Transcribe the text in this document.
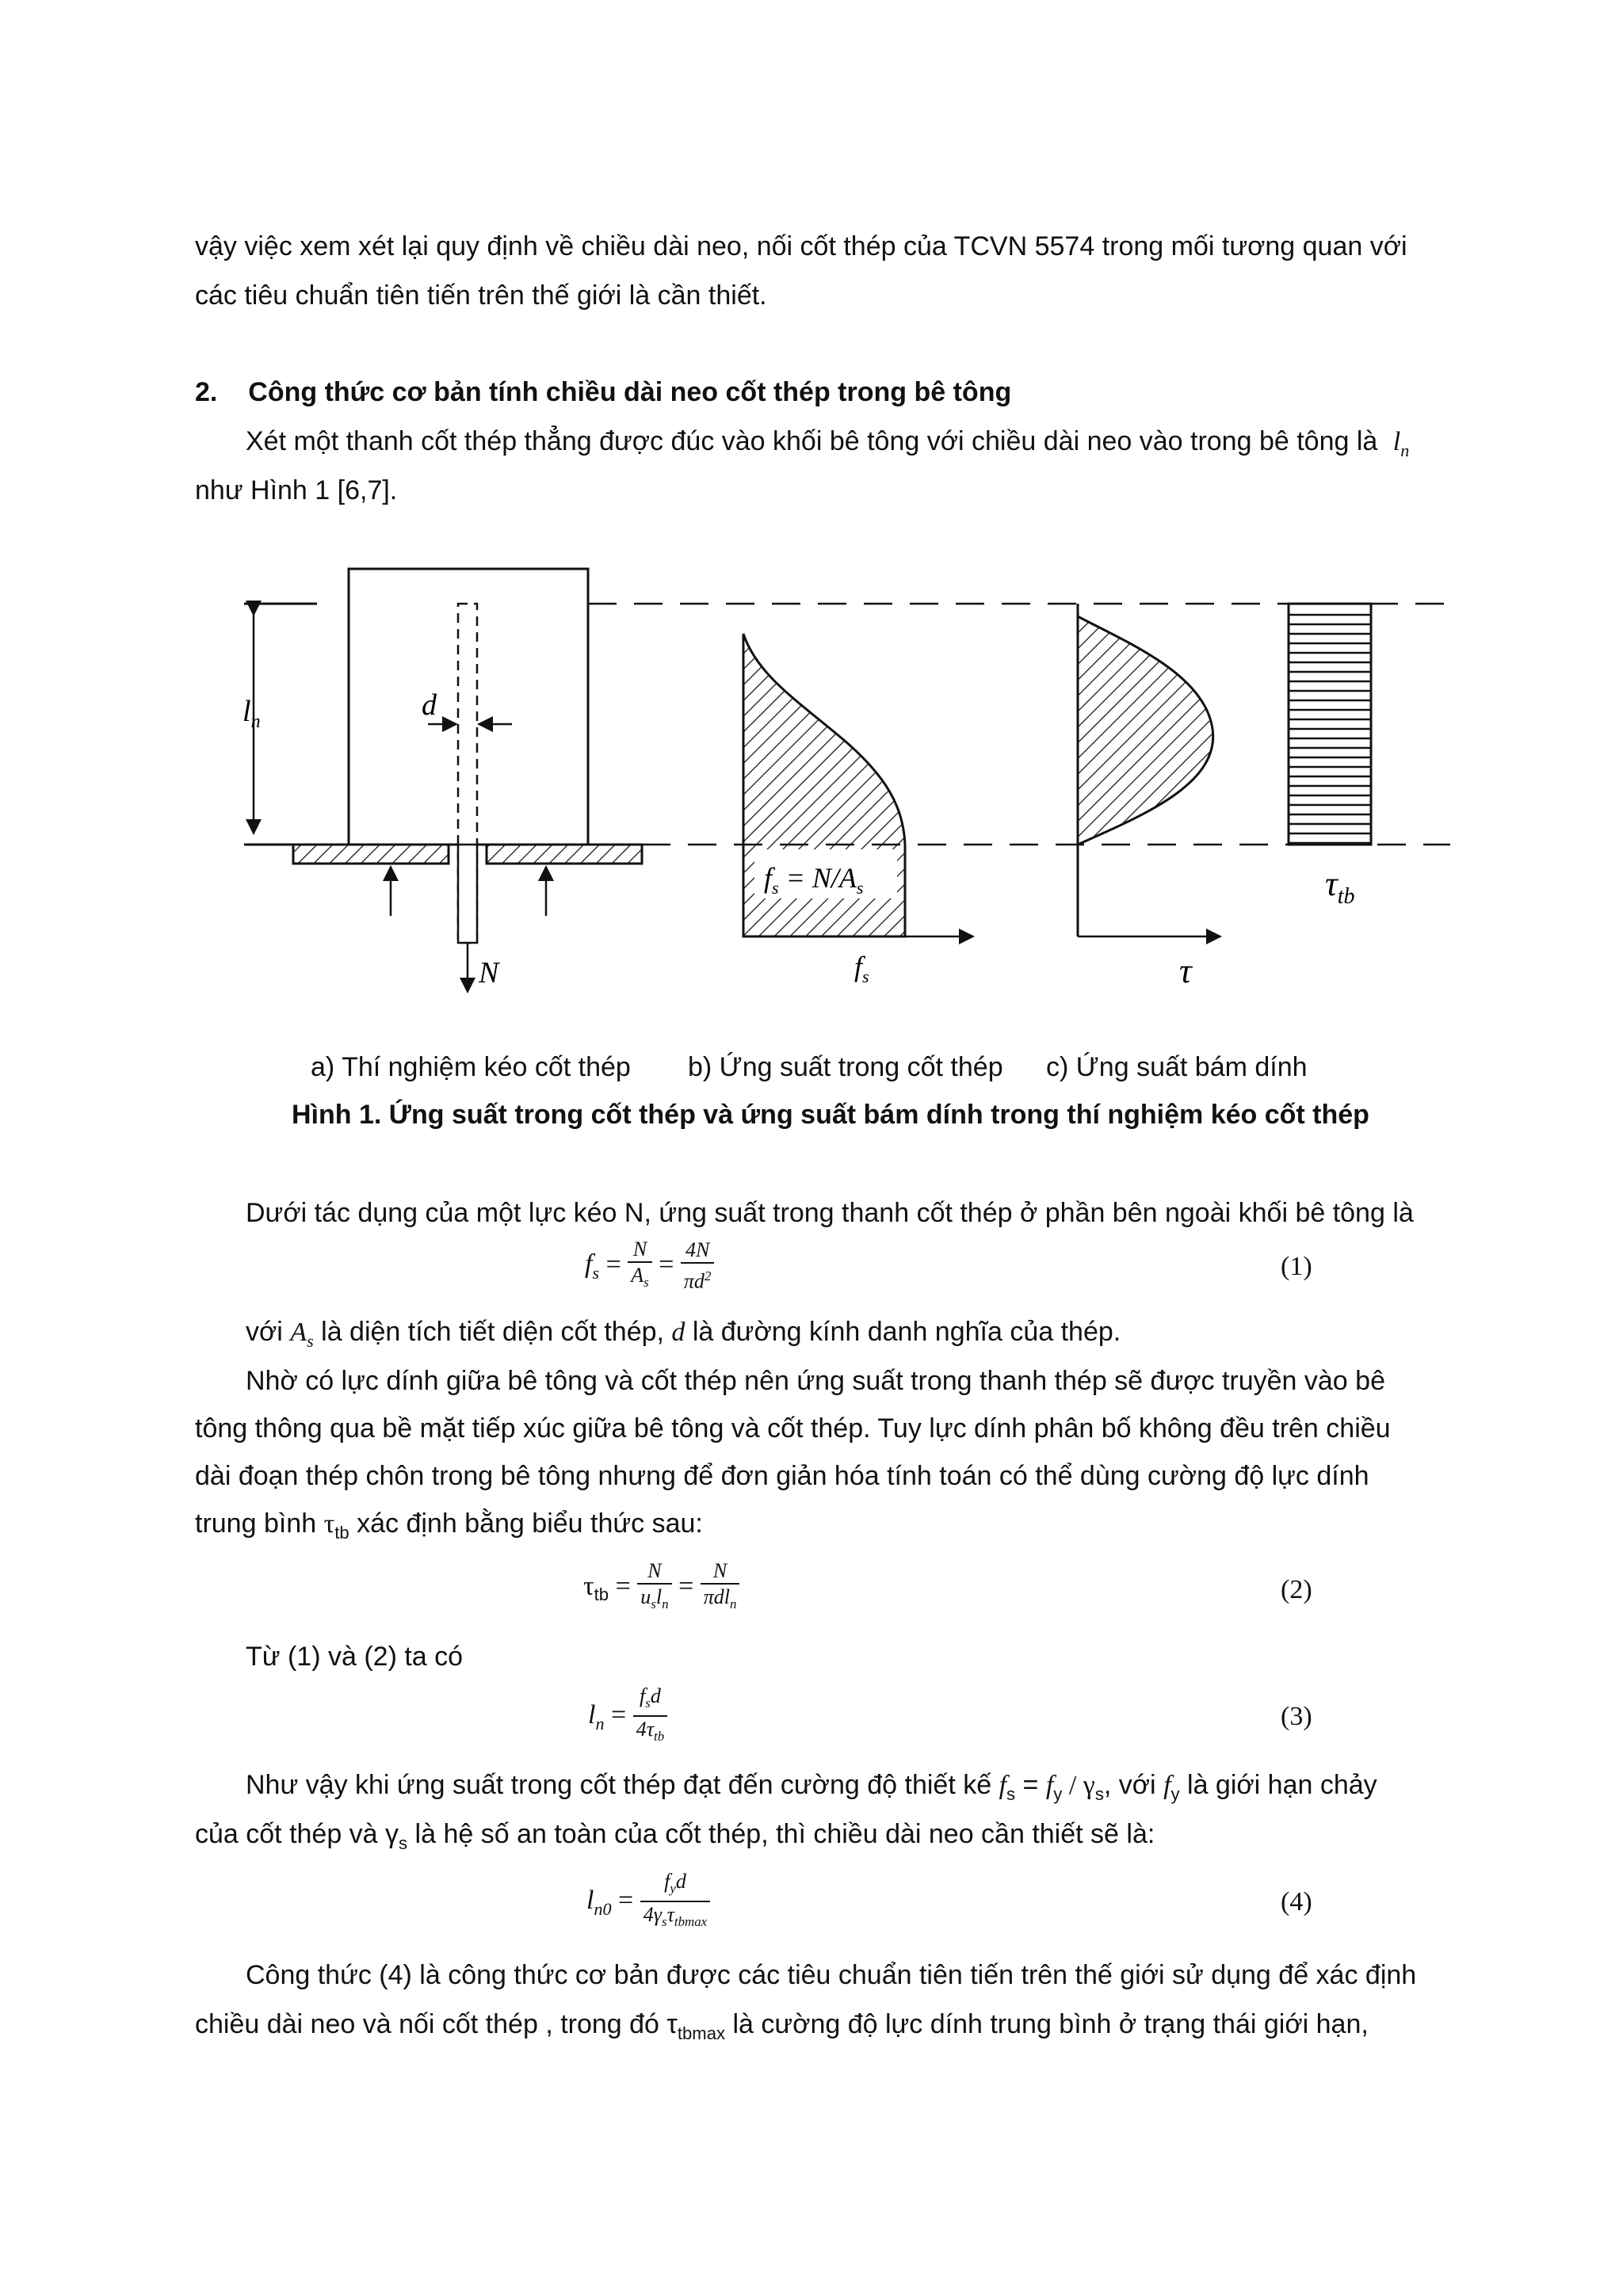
vậy việc xem xét lại quy định về chiều dài neo, nối cốt thép của TCVN 5574 trong mối tương quan với
các tiêu chuẩn tiên tiến trên thế giới là cần thiết.
2. Công thức cơ bản tính chiều dài neo cốt thép trong bê tông
Xét một thanh cốt thép thẳng được đúc vào khối bê tông với chiều dài neo vào trong bê tông là $l_n$
như Hình 1 [6,7].
$l_n$	d
N
$f_s = N/A_s$
$f_s$	τ
$\tau_{tb}$
a) Thí nghiệm kéo cốt thép b) Ứng suất trong cốt thép c) Ứng suất bám dính
Hình 1. Ứng suất trong cốt thép và ứng suất bám dính trong thí nghiệm kéo cốt thép
Dưới tác dụng của một lực kéo N, ứng suất trong thanh cốt thép ở phần bên ngoài khối bê tông là
$f_s = \frac{N}{A_s} = \frac{4N}{\pi d^2}$	(1)
với $A_s$ là diện tích tiết diện cốt thép, d là đường kính danh nghĩa của thép.
Nhờ có lực dính giữa bê tông và cốt thép nên ứng suất trong thanh thép sẽ được truyền vào bê
tông thông qua bề mặt tiếp xúc giữa bê tông và cốt thép. Tuy lực dính phân bố không đều trên chiều
dài đoạn thép chôn trong bê tông nhưng để đơn giản hóa tính toán có thể dùng cường độ lực dính
trung bình $\tau_{tb}$ xác định bằng biểu thức sau:
$\tau_{tb} = \frac{N}{u_sl_n} = \frac{N}{\pi dl_n}$	(2)
Từ (1) và (2) ta có
$l_n = \frac{f_sd}{4\tau_{tb}}$	(3)
Như vậy khi ứng suất trong cốt thép đạt đến cường độ thiết kế $f_s = f_y / \gamma_s$, với $f_y$ là giới hạn chảy
của cốt thép và $\gamma_s$ là hệ số an toàn của cốt thép, thì chiều dài neo cần thiết sẽ là:
$l_{n0} = \frac{f_yd}{4\gamma_s\tau_{tbmax}}$	(4)
Công thức (4) là công thức cơ bản được các tiêu chuẩn tiên tiến trên thế giới sử dụng để xác định
chiều dài neo và nối cốt thép , trong đó $\tau_{tbmax}$ là cường độ lực dính trung bình ở trạng thái giới hạn,
